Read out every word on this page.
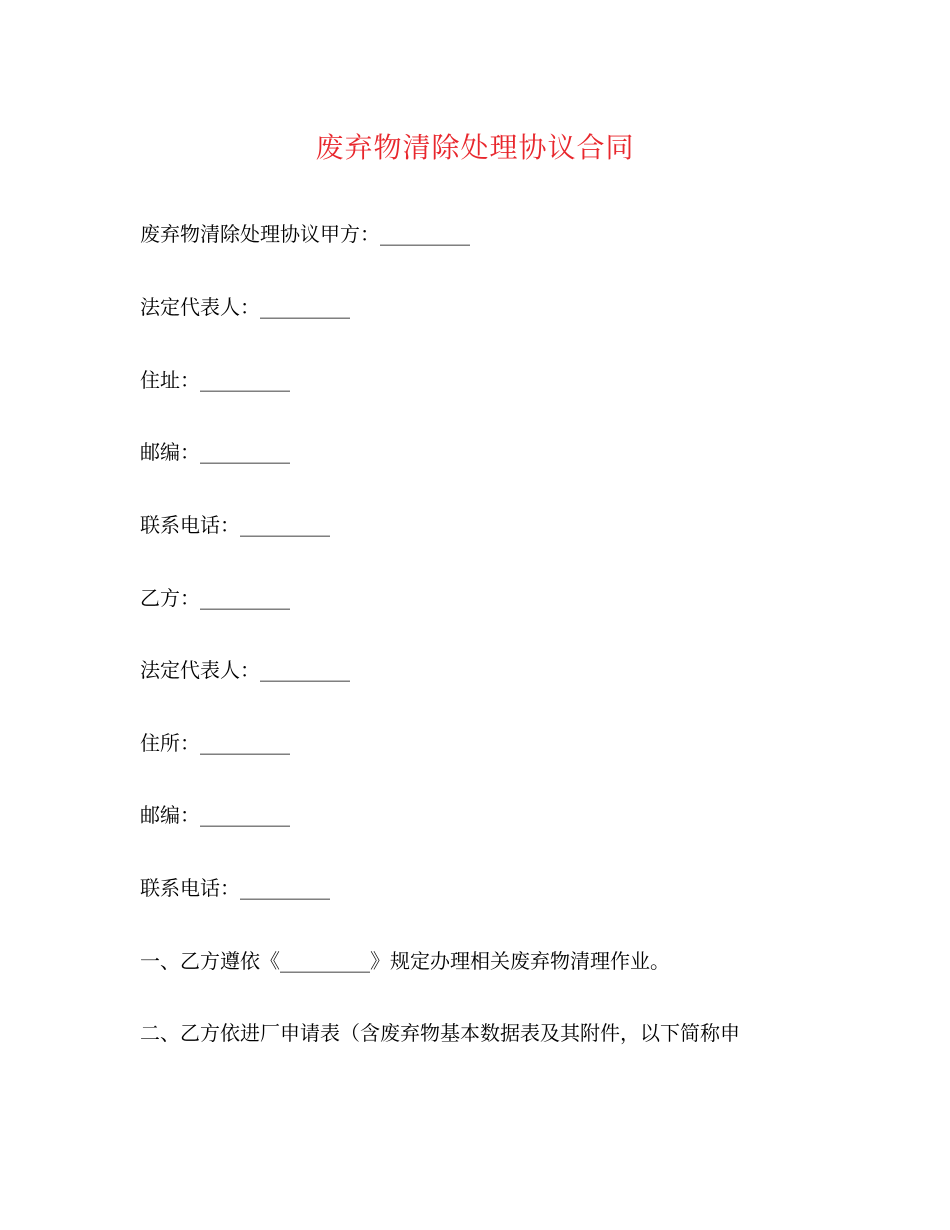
废弃物清除处理协议合同
废弃物清除处理协议甲方：_________
法定代表人：_________
住址：_________
邮编：_________
联系电话：_________
乙方：_________
法定代表人：_________
住所：_________
邮编：_________
联系电话：_________
一、乙方遵依《_________》规定办理相关废弃物清理作业。
二、乙方依进厂申请表（含废弃物基本数据表及其附件，以下简称申
